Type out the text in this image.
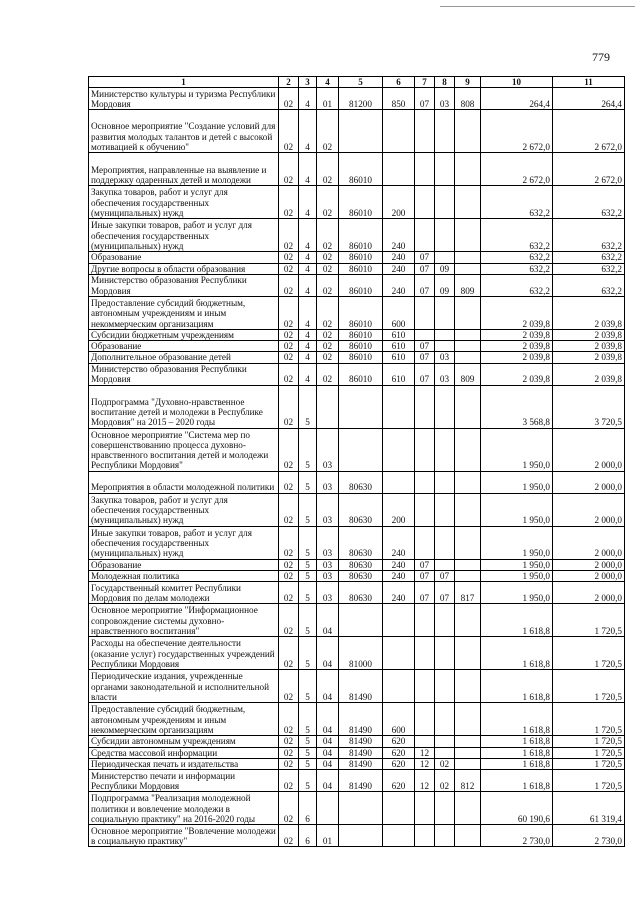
779
1	2	3	4	5	6	7	8	9	10	11
Министерство культуры и туризма Республики Мордовия	02	4	01	81200	850	07	03	808	264,4	264,4
Основное мероприятие "Создание условий для развития молодых талантов и детей с высокой мотивацией к обучению"	02	4	02						2 672,0	2 672,0
Мероприятия, направленные на выявление и поддержку одаренных детей и молодежи	02	4	02	86010					2 672,0	2 672,0
Закупка товаров, работ и услуг для обеспечения государственных (муниципальных) нужд	02	4	02	86010	200				632,2	632,2
Иные закупки товаров, работ и услуг для обеспечения государственных (муниципальных) нужд	02	4	02	86010	240				632,2	632,2
Образование	02	4	02	86010	240	07			632,2	632,2
Другие вопросы в области образования	02	4	02	86010	240	07	09		632,2	632,2
Министерство образования Республики Мордовия	02	4	02	86010	240	07	09	809	632,2	632,2
Предоставление субсидий бюджетным, автономным учреждениям и иным некоммерческим организациям	02	4	02	86010	600				2 039,8	2 039,8
Субсидии бюджетным учреждениям	02	4	02	86010	610				2 039,8	2 039,8
Образование	02	4	02	86010	610	07			2 039,8	2 039,8
Дополнительное образование детей	02	4	02	86010	610	07	03		2 039,8	2 039,8
Министерство образования Республики Мордовия	02	4	02	86010	610	07	03	809	2 039,8	2 039,8
Подпрограмма "Духовно-нравственное воспитание детей и молодежи в Республике Мордовия" на 2015 – 2020 годы	02	5							3 568,8	3 720,5
Основное мероприятие "Система мер по совершенствованию процесса духовно-нравственного воспитания детей и молодежи Республики Мордовия"	02	5	03						1 950,0	2 000,0
Мероприятия в области молодежной политики	02	5	03	80630					1 950,0	2 000,0
Закупка товаров, работ и услуг для обеспечения государственных (муниципальных) нужд	02	5	03	80630	200				1 950,0	2 000,0
Иные закупки товаров, работ и услуг для обеспечения государственных (муниципальных) нужд	02	5	03	80630	240				1 950,0	2 000,0
Образование	02	5	03	80630	240	07			1 950,0	2 000,0
Молодежная политика	02	5	03	80630	240	07	07		1 950,0	2 000,0
Государственный комитет Республики Мордовия по делам молодежи	02	5	03	80630	240	07	07	817	1 950,0	2 000,0
Основное мероприятие "Информационное сопровождение системы духовно-нравственного воспитания"	02	5	04						1 618,8	1 720,5
Расходы на обеспечение деятельности (оказание услуг) государственных учреждений Республики Мордовия	02	5	04	81000					1 618,8	1 720,5
Периодические издания, учрежденные органами законодательной и исполнительной власти	02	5	04	81490					1 618,8	1 720,5
Предоставление субсидий бюджетным, автономным учреждениям и иным некоммерческим организациям	02	5	04	81490	600				1 618,8	1 720,5
Субсидии автономным учреждениям	02	5	04	81490	620				1 618,8	1 720,5
Средства массовой информации	02	5	04	81490	620	12			1 618,8	1 720,5
Периодическая печать и издательства	02	5	04	81490	620	12	02		1 618,8	1 720,5
Министерство печати и информации Республики Мордовия	02	5	04	81490	620	12	02	812	1 618,8	1 720,5
Подпрограмма "Реализация молодежной политики и вовлечение молодежи в социальную практику" на 2016-2020 годы	02	6							60 190,6	61 319,4
Основное мероприятие "Вовлечение молодежи в социальную практику"	02	6	01						2 730,0	2 730,0
